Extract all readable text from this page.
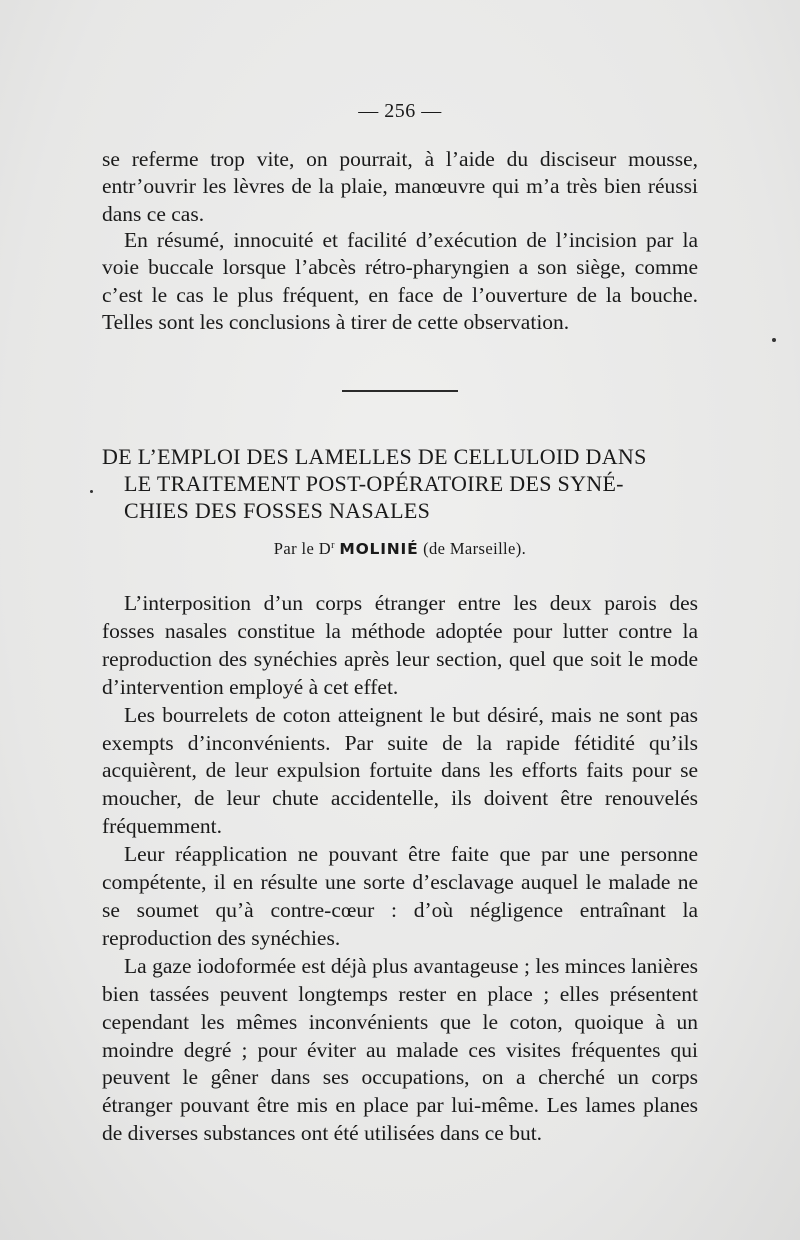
— 256 —

se referme trop vite, on pourrait, à l’aide du disciseur mousse, entr’ouvrir les lèvres de la plaie, manœuvre qui m’a très bien réussi dans ce cas.

En résumé, innocuité et facilité d’exécution de l’incision par la voie buccale lorsque l’abcès rétro-pharyngien a son siège, comme c’est le cas le plus fréquent, en face de l’ouverture de la bouche. Telles sont les conclusions à tirer de cette observation.

DE L’EMPLOI DES LAMELLES DE CELLULOID DANS
LE TRAITEMENT POST-OPÉRATOIRE DES SYNÉ-
CHIES DES FOSSES NASALES
Par le $D^r$ MOLINIÉ (de Marseille).

L’interposition d’un corps étranger entre les deux parois des fosses nasales constitue la méthode adoptée pour lutter contre la reproduction des synéchies après leur section, quel que soit le mode d’intervention employé à cet effet.

Les bourrelets de coton atteignent le but désiré, mais ne sont pas exempts d’inconvénients. Par suite de la rapide fétidité qu’ils acquièrent, de leur expulsion fortuite dans les efforts faits pour se moucher, de leur chute accidentelle, ils doivent être renouvelés fréquemment.

Leur réapplication ne pouvant être faite que par une personne compétente, il en résulte une sorte d’esclavage auquel le malade ne se soumet qu’à contre-cœur : d’où négligence entraînant la reproduction des synéchies.

La gaze iodoformée est déjà plus avantageuse ; les minces lanières bien tassées peuvent longtemps rester en place ; elles présentent cependant les mêmes inconvénients que le coton, quoique à un moindre degré ; pour éviter au malade ces visites fréquentes qui peuvent le gêner dans ses occupations, on a cherché un corps étranger pouvant être mis en place par lui-même. Les lames planes de diverses substances ont été utilisées dans ce but.
